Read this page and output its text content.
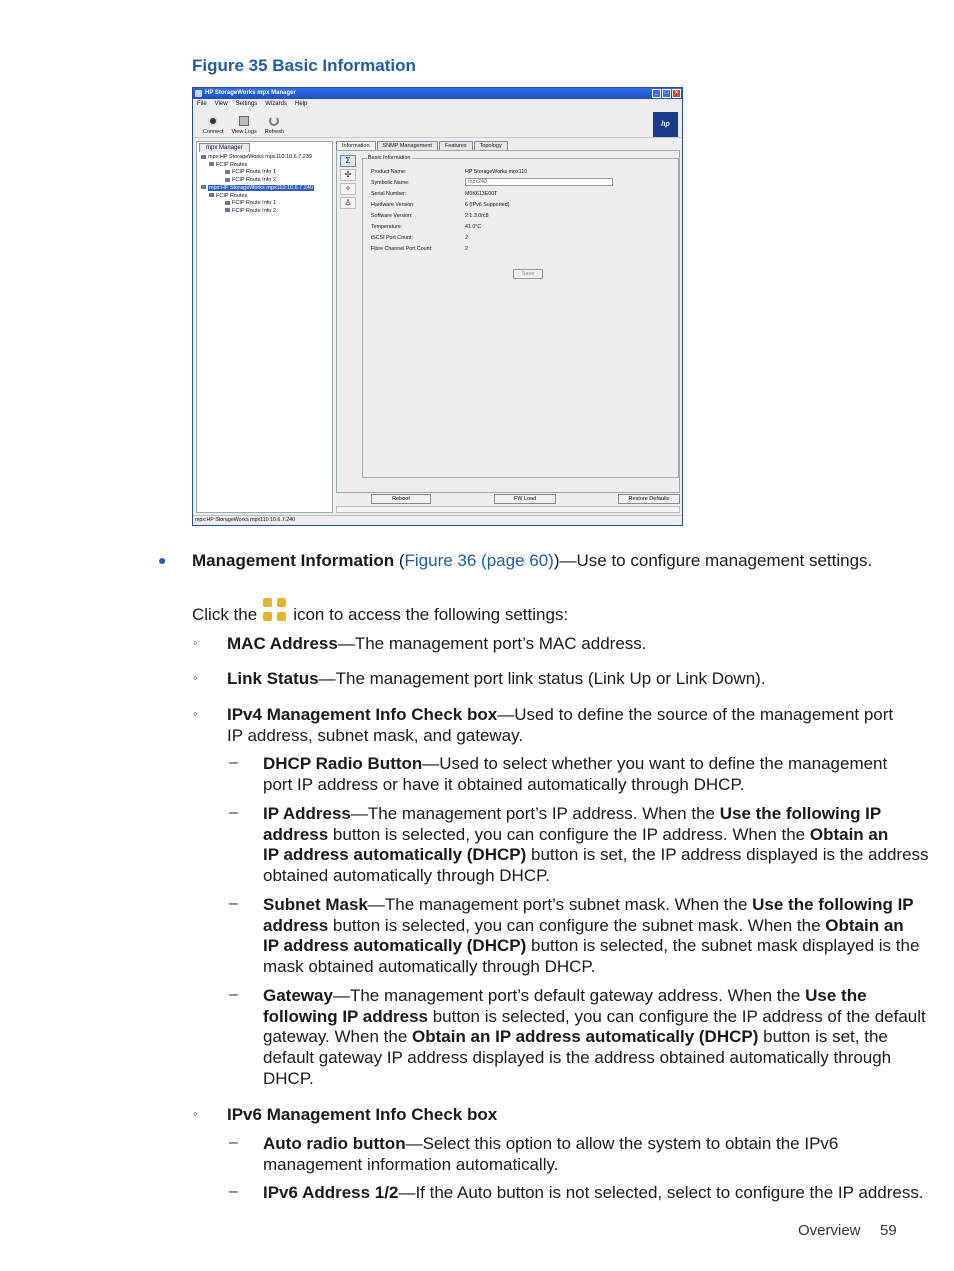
Figure 35 Basic Information
HP StorageWorks mpx Manager	_	□	×
File View Settings Wizards Help
Connect View Logs Refresh
hp
mpx Manager
mpx:HP StorageWorks mpx110:10.6.7.239
FCIP Routes
FCIP Route Info 1
FCIP Route Info 2
mpx:HP StorageWorks mpx110:10.6.7.240
FCIP Routes
FCIP Route Info 1
FCIP Route Info 2
Information	SNMP Management	Features	Topology
Σ
✣
✧
♙
Basic Information
Product Name:	HP StorageWorks mpx110
Symbolic Name:	mpx240
Serial Number:	M0K613E00T
Hardware Version:	6 (IPv6 Supported)
Software Version:	2.1.3.0rc8
Temperature:	41.0°C
iSCSI Port Count:	2
Fibre Channel Port Count:	2
Save
Reboot	FW Load	Restore Defaults
mpx:HP StorageWorks mpx110:10.6.7.240
● Management Information (Figure 36 (page 60))—Use to configure management settings.
Click the icon to access the following settings:
◦ MAC Address—The management port’s MAC address.
◦ Link Status—The management port link status (Link Up or Link Down).
◦ IPv4 Management Info Check box—Used to define the source of the management port
IP address, subnet mask, and gateway.
– DHCP Radio Button—Used to select whether you want to define the management
port IP address or have it obtained automatically through DHCP.
– IP Address—The management port’s IP address. When the Use the following IP
address button is selected, you can configure the IP address. When the Obtain an
IP address automatically (DHCP) button is set, the IP address displayed is the address
obtained automatically through DHCP.
– Subnet Mask—The management port’s subnet mask. When the Use the following IP
address button is selected, you can configure the subnet mask. When the Obtain an
IP address automatically (DHCP) button is selected, the subnet mask displayed is the
mask obtained automatically through DHCP.
– Gateway—The management port’s default gateway address. When the Use the
following IP address button is selected, you can configure the IP address of the default
gateway. When the Obtain an IP address automatically (DHCP) button is set, the
default gateway IP address displayed is the address obtained automatically through
DHCP.
◦ IPv6 Management Info Check box
– Auto radio button—Select this option to allow the system to obtain the IPv6
management information automatically.
– IPv6 Address 1/2—If the Auto button is not selected, select to configure the IP address.
Overview 59
